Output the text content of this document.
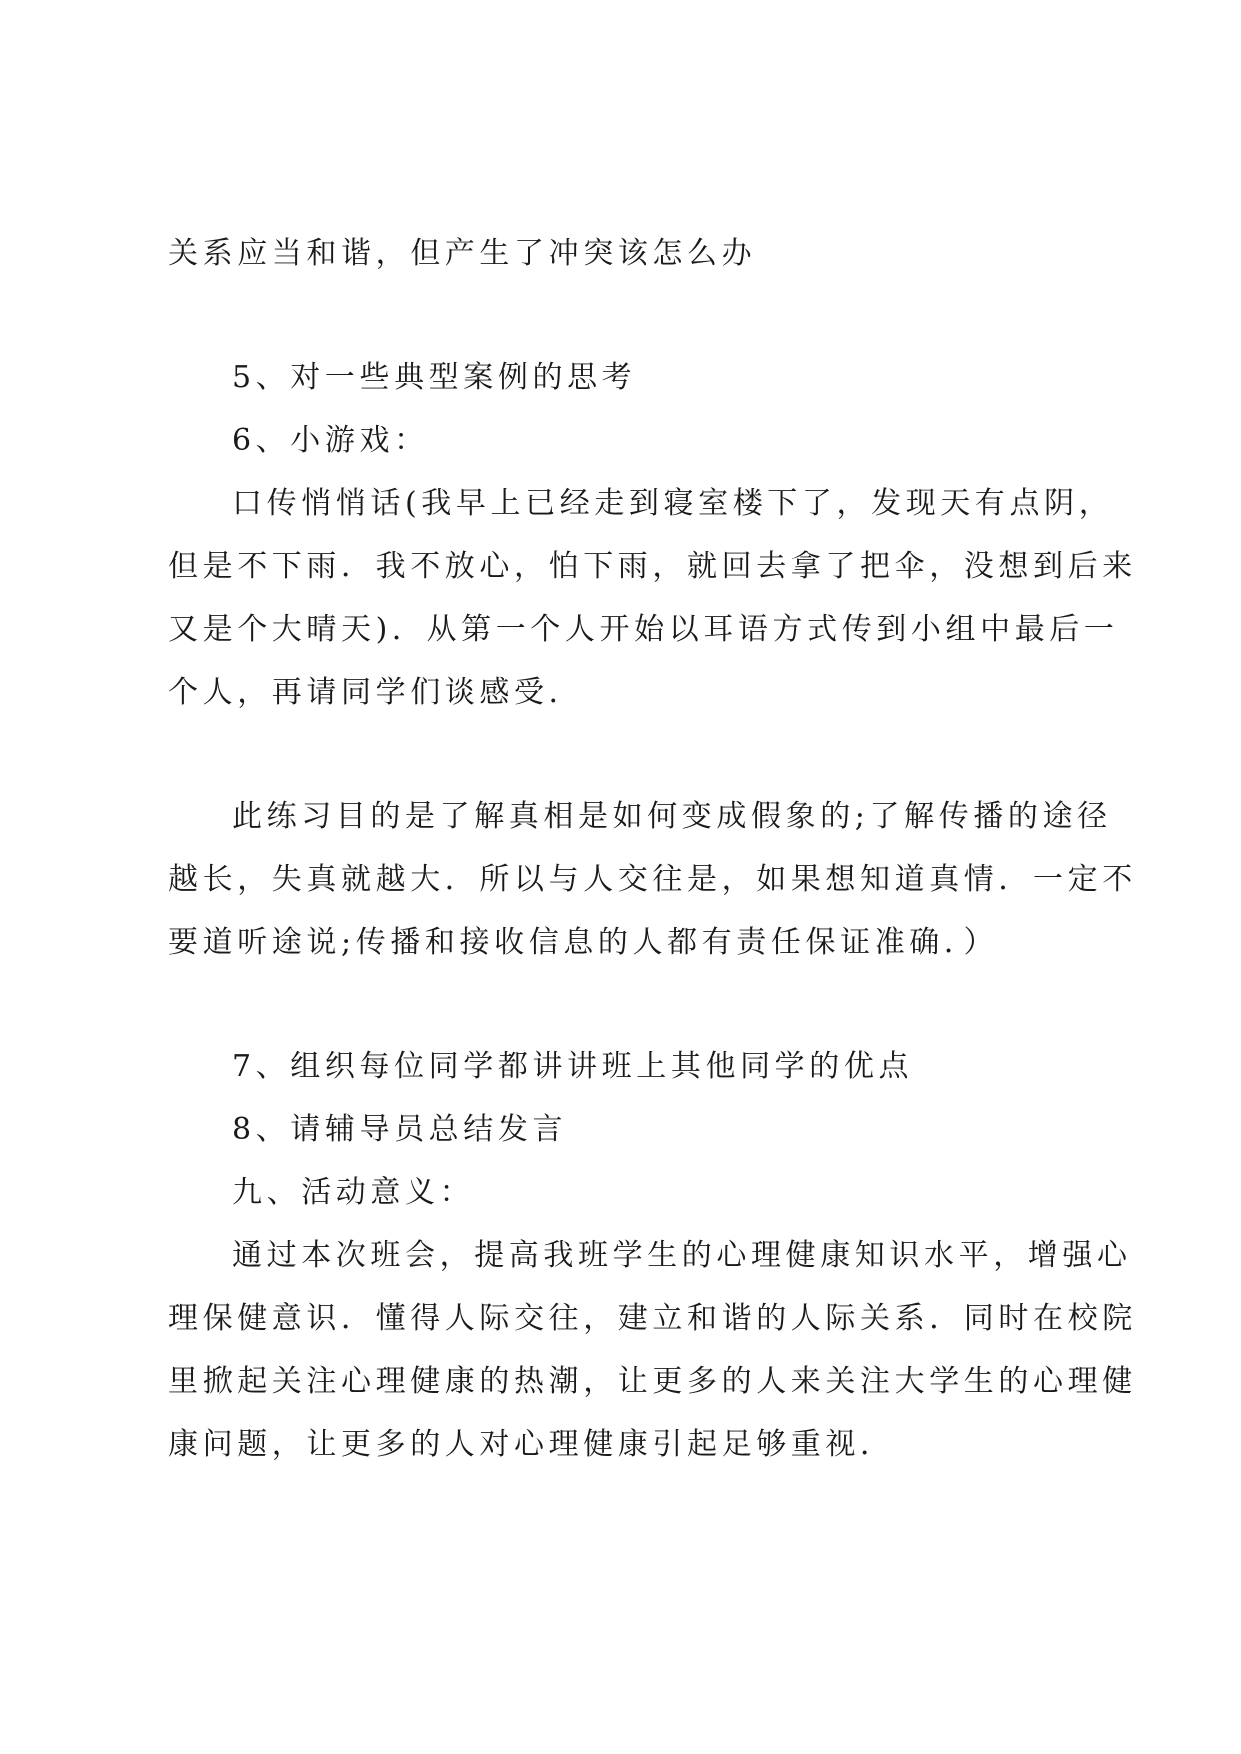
关系应当和谐，但产生了冲突该怎么办
5、对一些典型案例的思考
6、小游戏：
口传悄悄话(我早上已经走到寝室楼下了，发现天有点阴，
但是不下雨．我不放心，怕下雨，就回去拿了把伞，没想到后来
又是个大晴天)．从第一个人开始以耳语方式传到小组中最后一
个人，再请同学们谈感受．
此练习目的是了解真相是如何变成假象的;了解传播的途径
越长，失真就越大．所以与人交往是，如果想知道真情．一定不
要道听途说;传播和接收信息的人都有责任保证准确．）
7、组织每位同学都讲讲班上其他同学的优点
8、请辅导员总结发言
九、活动意义：
通过本次班会，提高我班学生的心理健康知识水平，增强心
理保健意识．懂得人际交往，建立和谐的人际关系．同时在校院
里掀起关注心理健康的热潮，让更多的人来关注大学生的心理健
康问题，让更多的人对心理健康引起足够重视．
